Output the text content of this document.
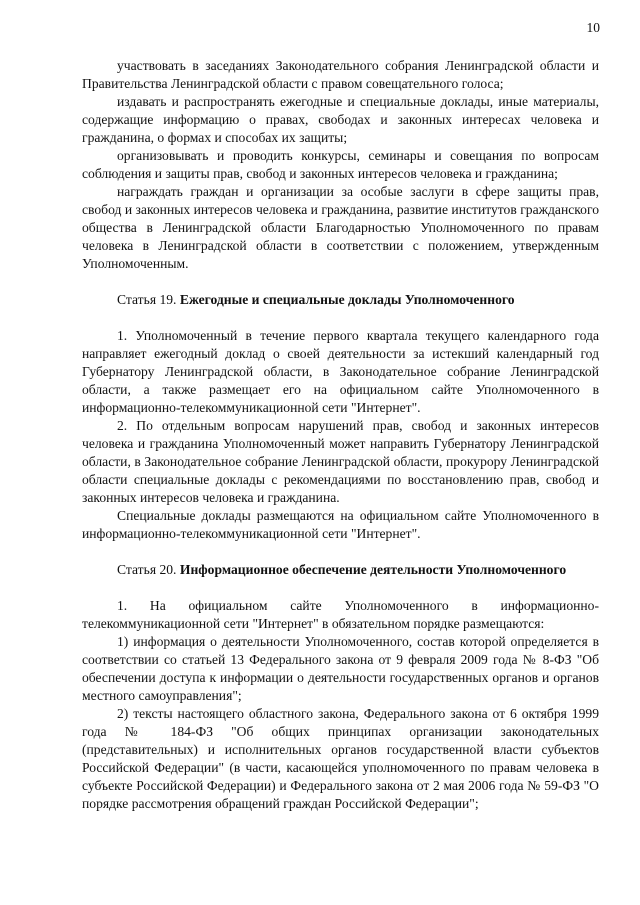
10

участвовать в заседаниях Законодательного собрания Ленинградской области и Правительства Ленинградской области с правом совещательного голоса;

издавать и распространять ежегодные и специальные доклады, иные материалы, содержащие информацию о правах, свободах и законных интересах человека и гражданина, о формах и способах их защиты;

организовывать и проводить конкурсы, семинары и совещания по вопросам соблюдения и защиты прав, свобод и законных интересов человека и гражданина;

награждать граждан и организации за особые заслуги в сфере защиты прав, свобод и законных интересов человека и гражданина, развитие институтов гражданского общества в Ленинградской области Благодарностью Уполномоченного по правам человека в Ленинградской области в соответствии с положением, утвержденным Уполномоченным.

Статья 19. Ежегодные и специальные доклады Уполномоченного

1. Уполномоченный в течение первого квартала текущего календарного года направляет ежегодный доклад о своей деятельности за истекший календарный год Губернатору Ленинградской области, в Законодательное собрание Ленинградской области, а также размещает его на официальном сайте Уполномоченного в информационно-телекоммуникационной сети "Интернет".

2. По отдельным вопросам нарушений прав, свобод и законных интересов человека и гражданина Уполномоченный может направить Губернатору Ленинградской области, в Законодательное собрание Ленинградской области, прокурору Ленинградской области специальные доклады с рекомендациями по восстановлению прав, свобод и законных интересов человека и гражданина.

Специальные доклады размещаются на официальном сайте Уполномоченного в информационно-телекоммуникационной сети "Интернет".

Статья 20. Информационное обеспечение деятельности Уполномоченного

1. На официальном сайте Уполномоченного в информационно-телекоммуникационной сети "Интернет" в обязательном порядке размещаются:

1) информация о деятельности Уполномоченного, состав которой определяется в соответствии со статьей 13 Федерального закона от 9 февраля 2009 года № 8-ФЗ "Об обеспечении доступа к информации о деятельности государственных органов и органов местного самоуправления";

2) тексты настоящего областного закона, Федерального закона от 6 октября 1999 года № 184-ФЗ "Об общих принципах организации законодательных (представительных) и исполнительных органов государственной власти субъектов Российской Федерации" (в части, касающейся уполномоченного по правам человека в субъекте Российской Федерации) и Федерального закона от 2 мая 2006 года № 59-ФЗ "О порядке рассмотрения обращений граждан Российской Федерации";
